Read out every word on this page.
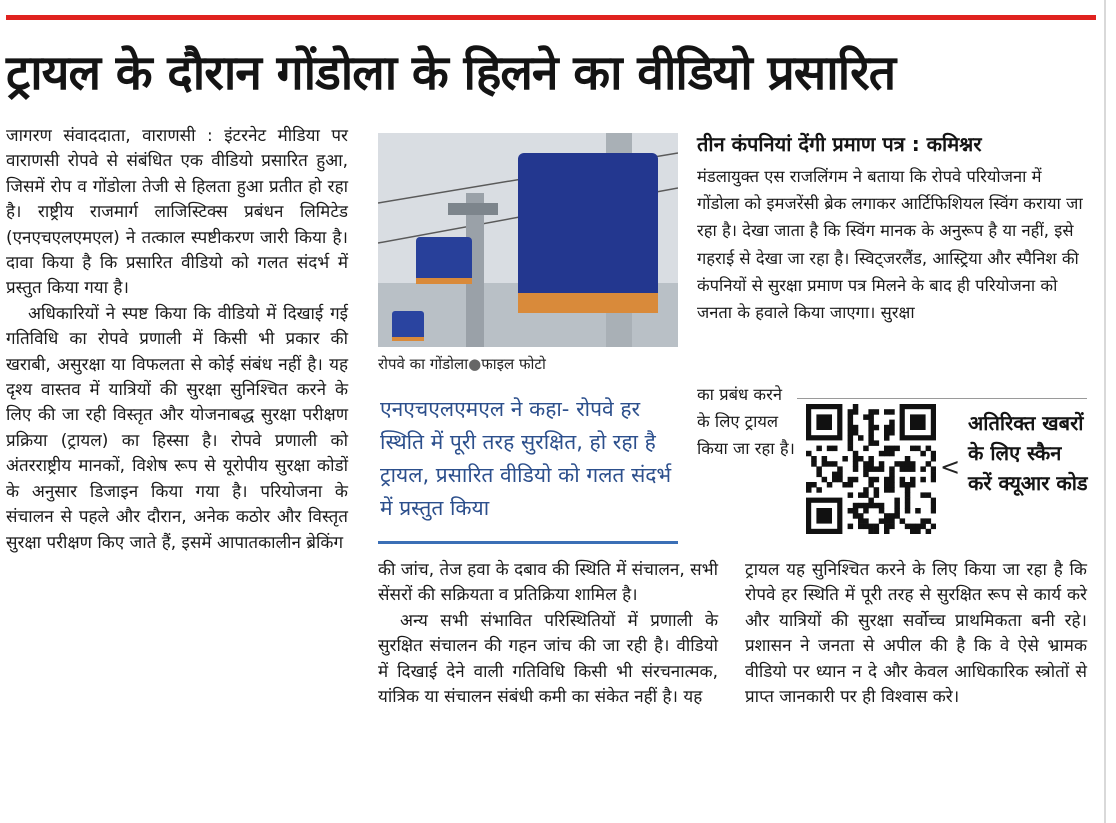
ट्रायल के दौरान गोंडोला के हिलने का वीडियो प्रसारित

जागरण संवाददाता, वाराणसी : इंटरनेट मीडिया पर वाराणसी रोपवे से संबंधित एक वीडियो प्रसारित हुआ, जिसमें रोप व गोंडोला तेजी से हिलता हुआ प्रतीत हो रहा है। राष्ट्रीय राजमार्ग लाजिस्टिक्स प्रबंधन लिमिटेड (एनएचएलएमएल) ने तत्काल स्पष्टीकरण जारी किया है। दावा किया है कि प्रसारित वीडियो को गलत संदर्भ में प्रस्तुत किया गया है।

अधिकारियों ने स्पष्ट किया कि वीडियो में दिखाई गई गतिविधि का रोपवे प्रणाली में किसी भी प्रकार की खराबी, असुरक्षा या विफलता से कोई संबंध नहीं है। यह दृश्य वास्तव में यात्रियों की सुरक्षा सुनिश्चित करने के लिए की जा रही विस्तृत और योजनाबद्ध सुरक्षा परीक्षण प्रक्रिया (ट्रायल) का हिस्सा है। रोपवे प्रणाली को अंतरराष्ट्रीय मानकों, विशेष रूप से यूरोपीय सुरक्षा कोडों के अनुसार डिजाइन किया गया है। परियोजना के संचालन से पहले और दौरान, अनेक कठोर और विस्तृत सुरक्षा परीक्षण किए जाते हैं, इसमें आपातकालीन ब्रेकिंग

रोपवे का गोंडोला●फाइल फोटो

एनएचएलएमएल ने कहा- रोपवे हर स्थिति में पूरी तरह सुरक्षित, हो रहा है ट्रायल, प्रसारित वीडियो को गलत संदर्भ में प्रस्तुत किया

की जांच, तेज हवा के दबाव की स्थिति में संचालन, सभी सेंसरों की सक्रियता व प्रतिक्रिया शामिल है।

अन्य सभी संभावित परिस्थितियों में प्रणाली के सुरक्षित संचालन की गहन जांच की जा रही है। वीडियो में दिखाई देने वाली गतिविधि किसी भी संरचनात्मक, यांत्रिक या संचालन संबंधी कमी का संकेत नहीं है। यह

ट्रायल यह सुनिश्चित करने के लिए किया जा रहा है कि रोपवे हर स्थिति में पूरी तरह से सुरक्षित रूप से कार्य करे और यात्रियों की सुरक्षा सर्वोच्च प्राथमिकता बनी रहे। प्रशासन ने जनता से अपील की है कि वे ऐसे भ्रामक वीडियो पर ध्यान न दे और केवल आधिकारिक स्त्रोतों से प्राप्त जानकारी पर ही विश्वास करे।

तीन कंपनियां देंगी प्रमाण पत्र : कमिश्नर

मंडलायुक्त एस राजलिंगम ने बताया कि रोपवे परियोजना में गोंडोला को इमजरेंसी ब्रेक लगाकर आर्टिफिशियल स्विंग कराया जा रहा है। देखा जाता है कि स्विंग मानक के अनुरूप है या नहीं, इसे गहराई से देखा जा रहा है। स्विट्जरलैंड, आस्ट्रिया और स्पैनिश की कंपनियों से सुरक्षा प्रमाण पत्र मिलने के बाद ही परियोजना को जनता के हवाले किया जाएगा। सुरक्षा

का प्रबंध करने के लिए ट्रायल किया जा रहा है।

<

अतिरिक्त खबरों के लिए स्कैन करें क्यूआर कोड
